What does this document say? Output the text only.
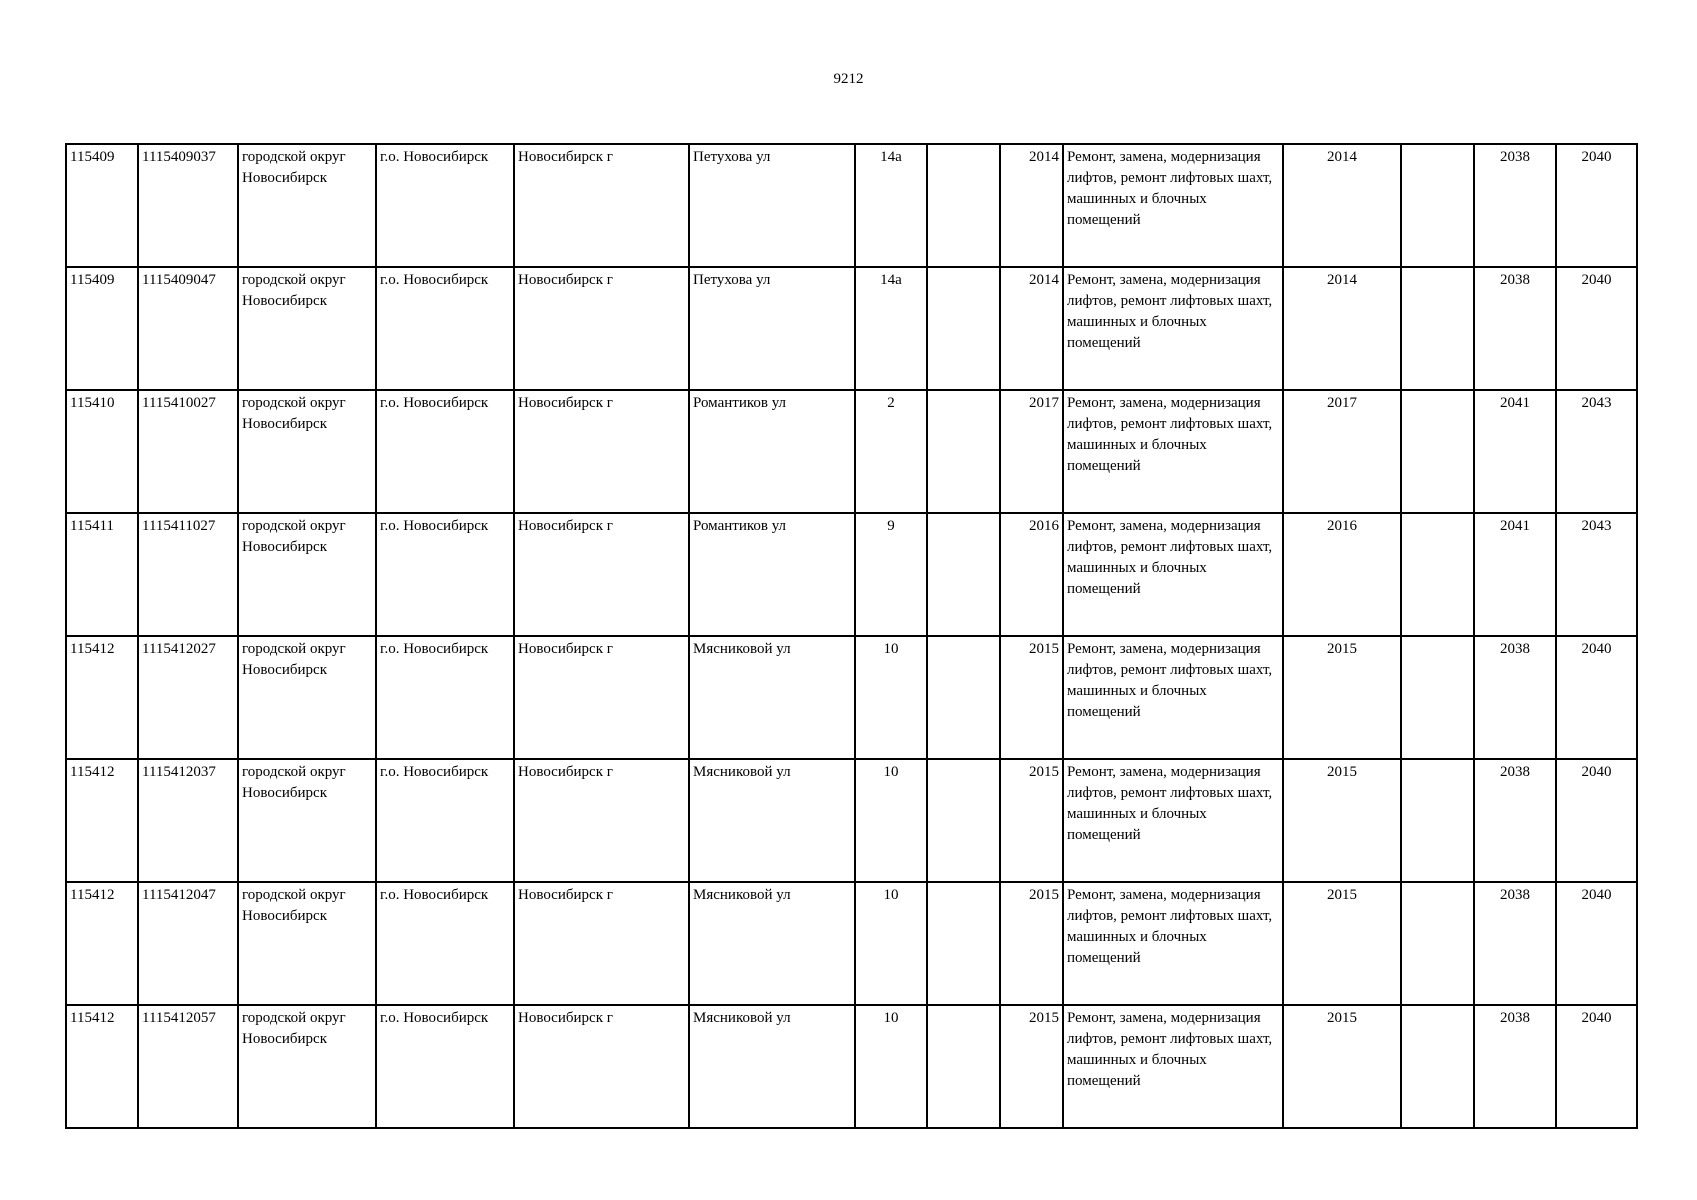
9212
115409	1115409037	городской округ Новосибирск	г.о. Новосибирск	Новосибирск г	Петухова ул	14а		2014	Ремонт, замена, модернизация лифтов, ремонт лифтовых шахт, машинных и блочных помещений	2014		2038	2040
115409	1115409047	городской округ Новосибирск	г.о. Новосибирск	Новосибирск г	Петухова ул	14а		2014	Ремонт, замена, модернизация лифтов, ремонт лифтовых шахт, машинных и блочных помещений	2014		2038	2040
115410	1115410027	городской округ Новосибирск	г.о. Новосибирск	Новосибирск г	Романтиков ул	2		2017	Ремонт, замена, модернизация лифтов, ремонт лифтовых шахт, машинных и блочных помещений	2017		2041	2043
115411	1115411027	городской округ Новосибирск	г.о. Новосибирск	Новосибирск г	Романтиков ул	9		2016	Ремонт, замена, модернизация лифтов, ремонт лифтовых шахт, машинных и блочных помещений	2016		2041	2043
115412	1115412027	городской округ Новосибирск	г.о. Новосибирск	Новосибирск г	Мясниковой ул	10		2015	Ремонт, замена, модернизация лифтов, ремонт лифтовых шахт, машинных и блочных помещений	2015		2038	2040
115412	1115412037	городской округ Новосибирск	г.о. Новосибирск	Новосибирск г	Мясниковой ул	10		2015	Ремонт, замена, модернизация лифтов, ремонт лифтовых шахт, машинных и блочных помещений	2015		2038	2040
115412	1115412047	городской округ Новосибирск	г.о. Новосибирск	Новосибирск г	Мясниковой ул	10		2015	Ремонт, замена, модернизация лифтов, ремонт лифтовых шахт, машинных и блочных помещений	2015		2038	2040
115412	1115412057	городской округ Новосибирск	г.о. Новосибирск	Новосибирск г	Мясниковой ул	10		2015	Ремонт, замена, модернизация лифтов, ремонт лифтовых шахт, машинных и блочных помещений	2015		2038	2040
